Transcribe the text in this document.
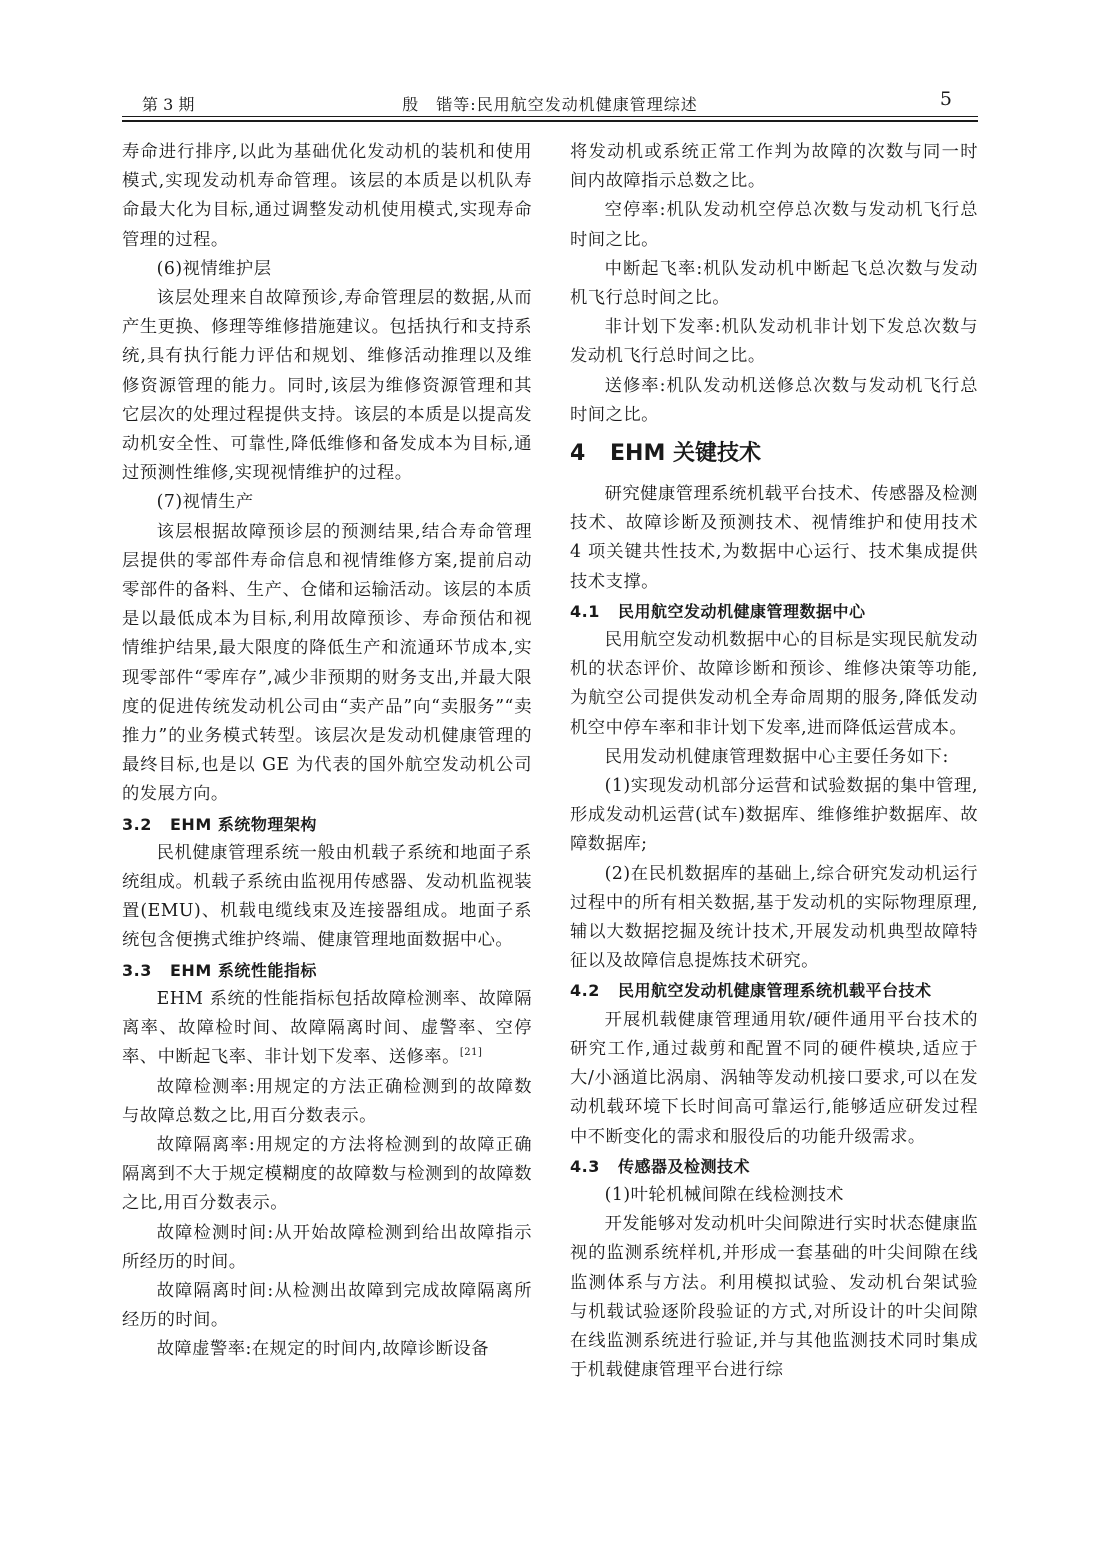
第 3 期	殷　锴等:民用航空发动机健康管理综述	5

寿命进行排序,以此为基础优化发动机的装机和使用模式,实现发动机寿命管理。该层的本质是以机队寿命最大化为目标,通过调整发动机使用模式,实现寿命管理的过程。

(6)视情维护层

该层处理来自故障预诊,寿命管理层的数据,从而产生更换、修理等维修措施建议。包括执行和支持系统,具有执行能力评估和规划、维修活动推理以及维修资源管理的能力。同时,该层为维修资源管理和其它层次的处理过程提供支持。该层的本质是以提高发动机安全性、可靠性,降低维修和备发成本为目标,通过预测性维修,实现视情维护的过程。

(7)视情生产

该层根据故障预诊层的预测结果,结合寿命管理层提供的零部件寿命信息和视情维修方案,提前启动零部件的备料、生产、仓储和运输活动。该层的本质是以最低成本为目标,利用故障预诊、寿命预估和视情维护结果,最大限度的降低生产和流通环节成本,实现零部件“零库存”,减少非预期的财务支出,并最大限度的促进传统发动机公司由“卖产品”向“卖服务”“卖推力”的业务模式转型。该层次是发动机健康管理的最终目标,也是以 GE 为代表的国外航空发动机公司的发展方向。

3.2 EHM 系统物理架构

民机健康管理系统一般由机载子系统和地面子系统组成。机载子系统由监视用传感器、发动机监视装置(EMU)、机载电缆线束及连接器组成。地面子系统包含便携式维护终端、健康管理地面数据中心。

3.3 EHM 系统性能指标

EHM 系统的性能指标包括故障检测率、故障隔离率、故障检时间、故障隔离时间、虚警率、空停率、中断起飞率、非计划下发率、送修率。[21]

故障检测率:用规定的方法正确检测到的故障数与故障总数之比,用百分数表示。

故障隔离率:用规定的方法将检测到的故障正确隔离到不大于规定模糊度的故障数与检测到的故障数之比,用百分数表示。

故障检测时间:从开始故障检测到给出故障指示所经历的时间。

故障隔离时间:从检测出故障到完成故障隔离所经历的时间。

故障虚警率:在规定的时间内,故障诊断设备

将发动机或系统正常工作判为故障的次数与同一时间内故障指示总数之比。

空停率:机队发动机空停总次数与发动机飞行总时间之比。

中断起飞率:机队发动机中断起飞总次数与发动机飞行总时间之比。

非计划下发率:机队发动机非计划下发总次数与发动机飞行总时间之比。

送修率:机队发动机送修总次数与发动机飞行总时间之比。

4 EHM 关键技术

研究健康管理系统机载平台技术、传感器及检测技术、故障诊断及预测技术、视情维护和使用技术 4 项关键共性技术,为数据中心运行、技术集成提供技术支撑。

4.1 民用航空发动机健康管理数据中心

民用航空发动机数据中心的目标是实现民航发动机的状态评价、故障诊断和预诊、维修决策等功能,为航空公司提供发动机全寿命周期的服务,降低发动机空中停车率和非计划下发率,进而降低运营成本。

民用发动机健康管理数据中心主要任务如下:

(1)实现发动机部分运营和试验数据的集中管理,形成发动机运营(试车)数据库、维修维护数据库、故障数据库;

(2)在民机数据库的基础上,综合研究发动机运行过程中的所有相关数据,基于发动机的实际物理原理,辅以大数据挖掘及统计技术,开展发动机典型故障特征以及故障信息提炼技术研究。

4.2 民用航空发动机健康管理系统机载平台技术

开展机载健康管理通用软/硬件通用平台技术的研究工作,通过裁剪和配置不同的硬件模块,适应于大/小涵道比涡扇、涡轴等发动机接口要求,可以在发动机载环境下长时间高可靠运行,能够适应研发过程中不断变化的需求和服役后的功能升级需求。

4.3 传感器及检测技术

(1)叶轮机械间隙在线检测技术

开发能够对发动机叶尖间隙进行实时状态健康监视的监测系统样机,并形成一套基础的叶尖间隙在线监测体系与方法。利用模拟试验、发动机台架试验与机载试验逐阶段验证的方式,对所设计的叶尖间隙在线监测系统进行验证,并与其他监测技术同时集成于机载健康管理平台进行综
